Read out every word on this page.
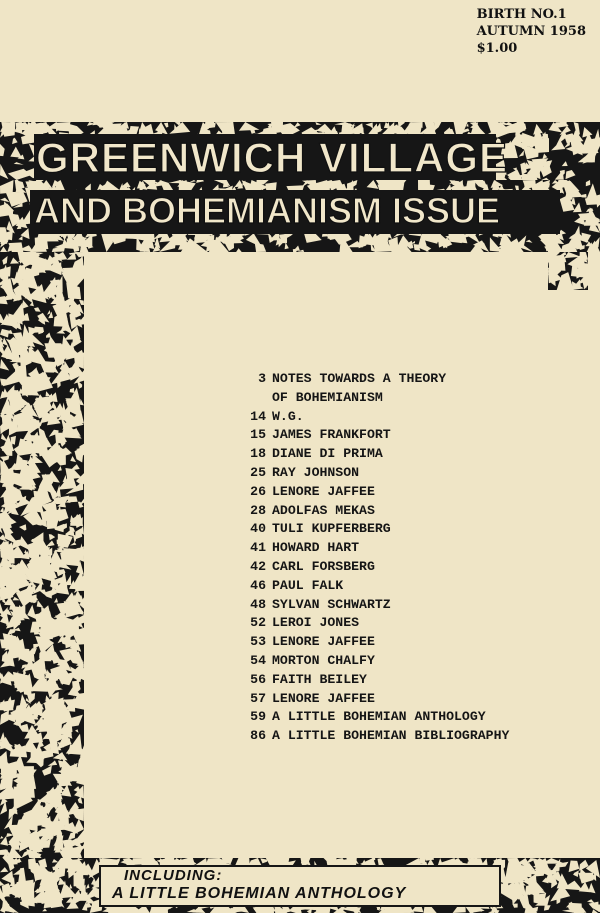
BIRTH NO.1
AUTUMN 1958
$1.00
GREENWICH VILLAGE
AND BOHEMIANISM ISSUE
3 NOTES TOWARDS A THEORY
OF BOHEMIANISM
14 W.G.
15 JAMES FRANKFORT
18 DIANE DI PRIMA
25 RAY JOHNSON
26 LENORE JAFFEE
28 ADOLFAS MEKAS
40 TULI KUPFERBERG
41 HOWARD HART
42 CARL FORSBERG
46 PAUL FALK
48 SYLVAN SCHWARTZ
52 LEROI JONES
53 LENORE JAFFEE
54 MORTON CHALFY
56 FAITH BEILEY
57 LENORE JAFFEE
59 A LITTLE BOHEMIAN ANTHOLOGY
86 A LITTLE BOHEMIAN BIBLIOGRAPHY
INCLUDING:
A LITTLE BOHEMIAN ANTHOLOGY
